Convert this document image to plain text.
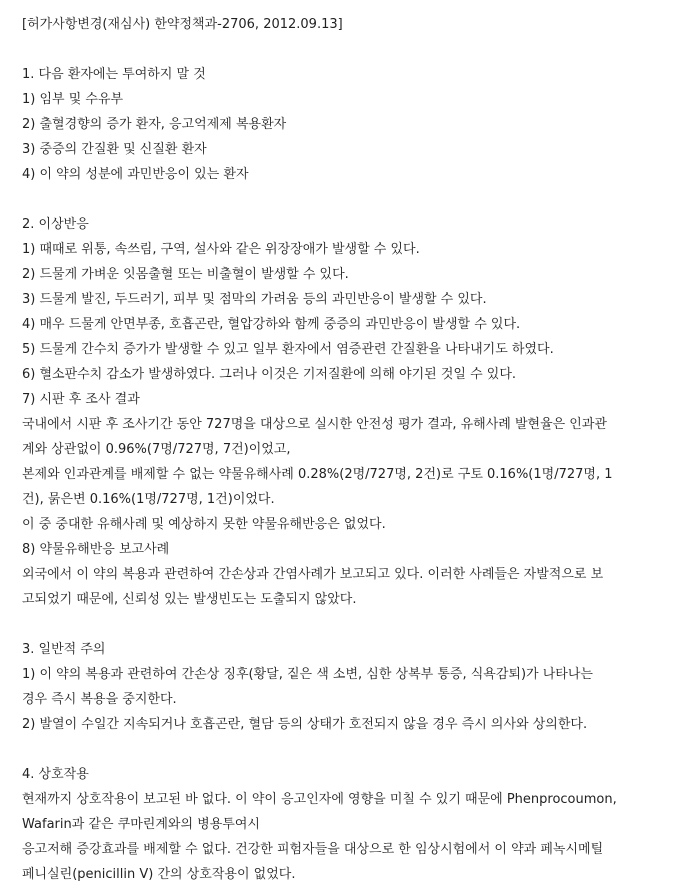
[허가사항변경(재심사) 한약정책과-2706, 2012.09.13]
1. 다음 환자에는 투여하지 말 것
1) 임부 및 수유부
2) 출혈경향의 증가 환자, 응고억제제 복용환자
3) 중증의 간질환 및 신질환 환자
4) 이 약의 성분에 과민반응이 있는 환자
2. 이상반응
1) 때때로 위통, 속쓰림, 구역, 설사와 같은 위장장애가 발생할 수 있다.
2) 드물게 가벼운 잇몸출혈 또는 비출혈이 발생할 수 있다.
3) 드물게 발진, 두드러기, 피부 및 점막의 가려움 등의 과민반응이 발생할 수 있다.
4) 매우 드물게 안면부종, 호흡곤란, 혈압강하와 함께 중증의 과민반응이 발생할 수 있다.
5) 드물게 간수치 증가가 발생할 수 있고 일부 환자에서 염증관련 간질환을 나타내기도 하였다.
6) 혈소판수치 감소가 발생하였다. 그러나 이것은 기저질환에 의해 야기된 것일 수 있다.
7) 시판 후 조사 결과
국내에서 시판 후 조사기간 동안 727명을 대상으로 실시한 안전성 평가 결과, 유해사례 발현율은 인과관
계와 상관없이 0.96%(7명/727명, 7건)이었고,
본제와 인과관계를 배제할 수 없는 약물유해사례 0.28%(2명/727명, 2건)로 구토 0.16%(1명/727명, 1
건), 묽은변 0.16%(1명/727명, 1건)이었다.
이 중 중대한 유해사례 및 예상하지 못한 약물유해반응은 없었다.
8) 약물유해반응 보고사례
외국에서 이 약의 복용과 관련하여 간손상과 간염사례가 보고되고 있다. 이러한 사례들은 자발적으로 보
고되었기 때문에, 신뢰성 있는 발생빈도는 도출되지 않았다.
3. 일반적 주의
1) 이 약의 복용과 관련하여 간손상 징후(황달, 짙은 색 소변, 심한 상복부 통증, 식욕감퇴)가 나타나는
경우 즉시 복용을 중지한다.
2) 발열이 수일간 지속되거나 호흡곤란, 혈담 등의 상태가 호전되지 않을 경우 즉시 의사와 상의한다.
4. 상호작용
현재까지 상호작용이 보고된 바 없다. 이 약이 응고인자에 영향을 미칠 수 있기 때문에 Phenprocoumon,
Wafarin과 같은 쿠마린계와의 병용투여시
응고저해 증강효과를 배제할 수 없다. 건강한 피험자들을 대상으로 한 임상시험에서 이 약과 페녹시메틸
페니실린(penicillin V) 간의 상호작용이 없었다.
